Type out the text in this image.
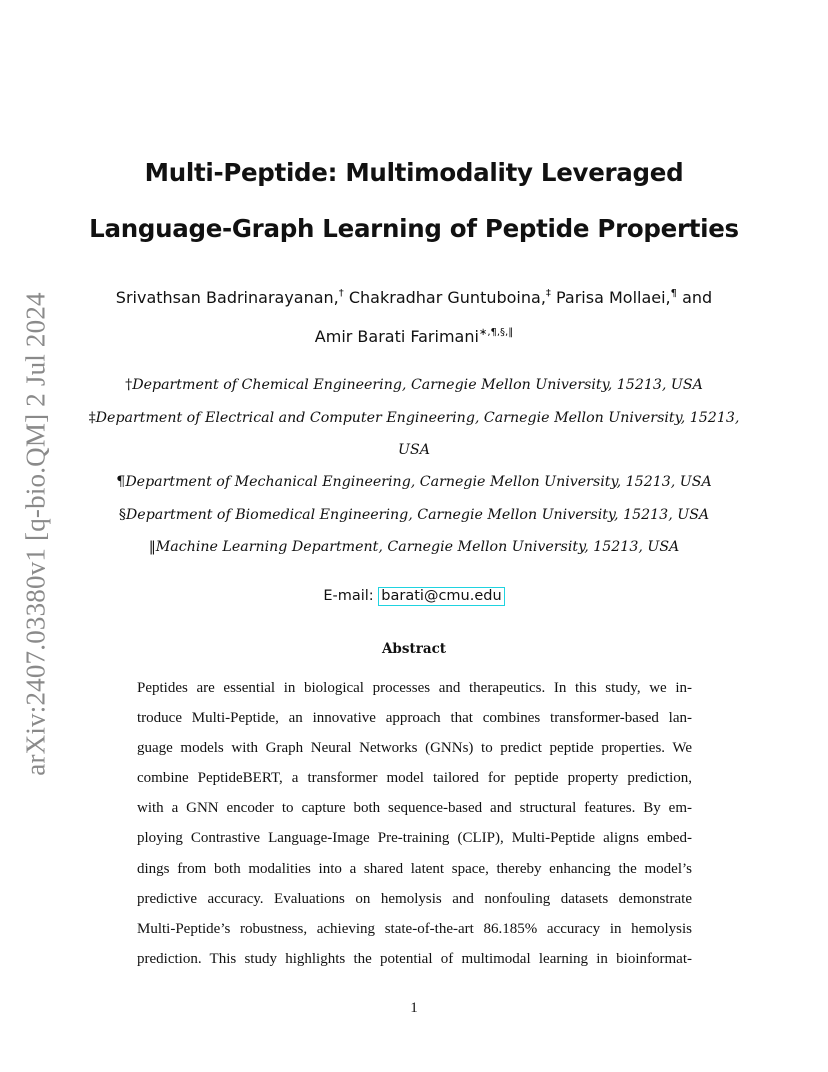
arXiv:2407.03380v1 [q-bio.QM] 2 Jul 2024
Multi-Peptide: Multimodality Leveraged
Language-Graph Learning of Peptide Properties
Srivathsan Badrinarayanan,† Chakradhar Guntuboina,‡ Parisa Mollaei,¶ and
Amir Barati Farimani∗,¶,§,‖
†Department of Chemical Engineering, Carnegie Mellon University, 15213, USA
‡Department of Electrical and Computer Engineering, Carnegie Mellon University, 15213,
USA
¶Department of Mechanical Engineering, Carnegie Mellon University, 15213, USA
§Department of Biomedical Engineering, Carnegie Mellon University, 15213, USA
‖Machine Learning Department, Carnegie Mellon University, 15213, USA
E-mail: barati@cmu.edu
Abstract
Peptides are essential in biological processes and therapeutics. In this study, we in-
troduce Multi-Peptide, an innovative approach that combines transformer-based lan-
guage models with Graph Neural Networks (GNNs) to predict peptide properties. We
combine PeptideBERT, a transformer model tailored for peptide property prediction,
with a GNN encoder to capture both sequence-based and structural features. By em-
ploying Contrastive Language-Image Pre-training (CLIP), Multi-Peptide aligns embed-
dings from both modalities into a shared latent space, thereby enhancing the model’s
predictive accuracy. Evaluations on hemolysis and nonfouling datasets demonstrate
Multi-Peptide’s robustness, achieving state-of-the-art 86.185% accuracy in hemolysis
prediction. This study highlights the potential of multimodal learning in bioinformat-
1
